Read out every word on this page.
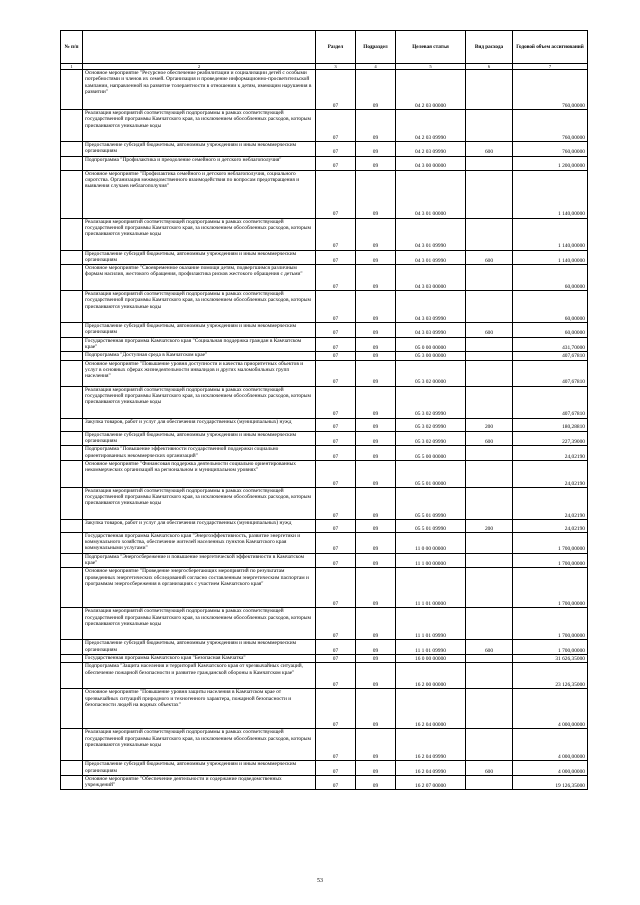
№ п/п		Раздел	Подраздел	Целевая статья	Вид расхода	Годовой объем ассигнований
1	2	3	4	5	6	7

	Основное мероприятие "Ресурсное обеспечение реабилитации и социализации детей с особыми потребностями и членов их семей. Организация и проведение информационно-просветительской кампании, направленной на развитие толерантности в отношении к детям, имеющим нарушения в развитии"	07	09	04 2 03 00000		760,00000

	Реализация мероприятий соответствующей подпрограммы в рамках соответствующей государственной программы Камчатского края, за исключением обособленных расходов, которым присваиваются уникальные коды	07	09	04 2 03 09990		760,00000

	Предоставление субсидий бюджетным, автономным учреждениям и иным некоммерческим организациям	07	09	04 2 03 09990	600	760,00000

	Подпрограмма "Профилактика и преодоление семейного и детского неблагополучия"	07	09	04 3 00 00000		1 200,00000

	Основное мероприятие "Профилактика семейного и детского неблагополучия, социального сиротства. Организация межведомственного взаимодействия по вопросам предотвращения и выявления случаев неблагополучия"	07	09	04 3 01 00000		1 140,00000

	Реализация мероприятий соответствующей подпрограммы в рамках соответствующей государственной программы Камчатского края, за исключением обособленных расходов, которым присваиваются уникальные коды	07	09	04 3 01 09990		1 140,00000

	Предоставление субсидий бюджетным, автономным учреждениям и иным некоммерческим организациям	07	09	04 3 01 09990	600	1 140,00000

	Основное мероприятие "Своевременное оказание помощи детям, подвергшимся различным формам насилия, жестокого обращения, профилактика рисков жестокого обращения с детьми"	07	09	04 3 03 00000		60,00000

	Реализация мероприятий соответствующей подпрограммы в рамках соответствующей государственной программы Камчатского края, за исключением обособленных расходов, которым присваиваются уникальные коды	07	09	04 3 03 09990		60,00000

	Предоставление субсидий бюджетным, автономным учреждениям и иным некоммерческим организациям	07	09	04 3 03 09990	600	60,00000

	Государственная программа Камчатского края "Социальная поддержка граждан в Камчатском крае"	07	09	05 0 00 00000		431,70000

	Подпрограмма "Доступная среда в Камчатском крае"	07	09	05 3 00 00000		407,67810

	Основное мероприятие "Повышение уровня доступности и качества приоритетных объектов и услуг в основных сферах жизнедеятельности инвалидов и других маломобильных групп населения"	07	09	05 3 02 00000		407,67810

	Реализация мероприятий соответствующей подпрограммы в рамках соответствующей государственной программы Камчатского края, за исключением обособленных расходов, которым присваиваются уникальные коды	07	09	05 3 02 09990		407,67810

	Закупка товаров, работ и услуг для обеспечения государственных (муниципальных) нужд	07	09	05 3 02 09990	200	180,28810

	Предоставление субсидий бюджетным, автономным учреждениям и иным некоммерческим организациям	07	09	05 3 02 09990	600	227,39000

	Подпрограмма "Повышение эффективности государственной поддержки социально ориентированных некоммерческих организаций"	07	09	05 5 00 00000		24,02190

	Основное мероприятие "Финансовая поддержка деятельности социально ориентированных некоммерческих организаций на региональном и муниципальном уровнях"	07	09	05 5 01 00000		24,02190

	Реализация мероприятий соответствующей подпрограммы в рамках соответствующей государственной программы Камчатского края, за исключением обособленных расходов, которым присваиваются уникальные коды	07	09	05 5 01 09990		24,02190

	Закупка товаров, работ и услуг для обеспечения государственных (муниципальных) нужд	07	09	05 5 01 09990	200	24,02190

	Государственная программа Камчатского края "Энергоэффективность, развитие энергетики и коммунального хозяйства, обеспечение жителей населенных пунктов Камчатского края коммунальными услугами"	07	09	11 0 00 00000		1 700,00000

	Подпрограмма "Энергосбережение и повышение энергетической эффективности в Камчатском крае"	07	09	11 1 00 00000		1 700,00000

	Основное мероприятие "Проведение энергосберегающих мероприятий по результатам проведенных энергетических обследований согласно составленным энергетическим паспортам и программам энергосбережения в организациях с участием Камчатского края"	07	09	11 1 01 00000		1 700,00000

	Реализация мероприятий соответствующей подпрограммы в рамках соответствующей государственной программы Камчатского края, за исключением обособленных расходов, которым присваиваются уникальные коды	07	09	11 1 01 09990		1 700,00000

	Предоставление субсидий бюджетным, автономным учреждениям и иным некоммерческим организациям	07	09	11 1 01 09990	600	1 700,00000

	Государственная программа Камчатского края "Безопасная Камчатка"	07	09	16 0 00 00000		31 626,35000

	Подпрограмма "Защита населения и территорий Камчатского края от чрезвычайных ситуаций, обеспечение пожарной безопасности и развитие гражданской обороны в Камчатском крае"	07	09	16 2 00 00000		23 126,35000

	Основное мероприятие "Повышение уровня защиты населения в Камчатском крае от чрезвычайных ситуаций природного и техногенного характера, пожарной безопасности и безопасности людей на водных объектах"	07	09	16 2 04 00000		4 000,00000

	Реализация мероприятий соответствующей подпрограммы в рамках соответствующей государственной программы Камчатского края, за исключением обособленных расходов, которым присваиваются уникальные коды	07	09	16 2 04 09990		4 000,00000

	Предоставление субсидий бюджетным, автономным учреждениям и иным некоммерческим организациям	07	09	16 2 04 09990	600	4 000,00000

	Основное мероприятие "Обеспечение деятельности и содержание подведомственных учреждений"	07	09	16 2 07 00000		19 126,35000
53
